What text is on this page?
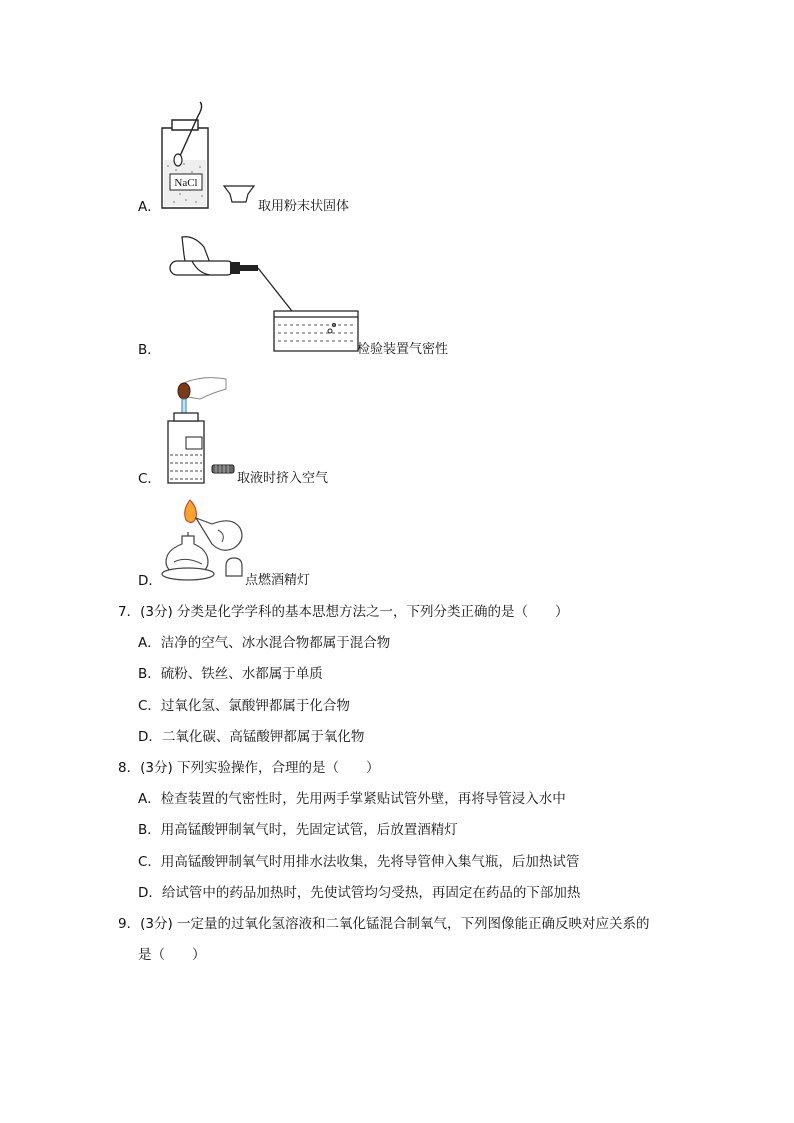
A．
NaCl
取用粉末状固体
B．	检验装置气密性
C．	取液时挤入空气
D．	点燃酒精灯
7．(3分) 分类是化学学科的基本思想方法之一，下列分类正确的是（　　）
A．洁净的空气、冰水混合物都属于混合物
B．硫粉、铁丝、水都属于单质
C．过氧化氢、氯酸钾都属于化合物
D．二氧化碳、高锰酸钾都属于氧化物
8．(3分) 下列实验操作，合理的是（　　）
A．检查装置的气密性时，先用两手掌紧贴试管外壁，再将导管浸入水中
B．用高锰酸钾制氧气时，先固定试管，后放置酒精灯
C．用高锰酸钾制氧气时用排水法收集，先将导管伸入集气瓶，后加热试管
D．给试管中的药品加热时，先使试管均匀受热，再固定在药品的下部加热
9．(3分) 一定量的过氧化氢溶液和二氧化锰混合制氧气，下列图像能正确反映对应关系的
是（　　）
